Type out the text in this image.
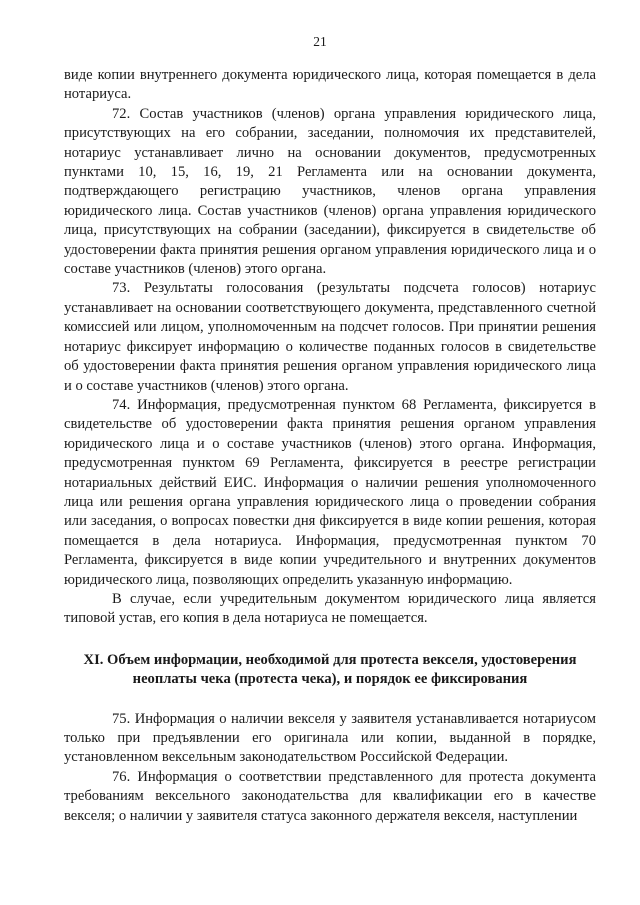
21

виде копии внутреннего документа юридического лица, которая помещается в дела нотариуса.

72. Состав участников (членов) органа управления юридического лица, присутствующих на его собрании, заседании, полномочия их представителей, нотариус устанавливает лично на основании документов, предусмотренных пунктами 10, 15, 16, 19, 21 Регламента или на основании документа, подтверждающего регистрацию участников, членов органа управления юридического лица. Состав участников (членов) органа управления юридического лица, присутствующих на собрании (заседании), фиксируется в свидетельстве об удостоверении факта принятия решения органом управления юридического лица и о составе участников (членов) этого органа.

73. Результаты голосования (результаты подсчета голосов) нотариус устанавливает на основании соответствующего документа, представленного счетной комиссией или лицом, уполномоченным на подсчет голосов. При принятии решения нотариус фиксирует информацию о количестве поданных голосов в свидетельстве об удостоверении факта принятия решения органом управления юридического лица и о составе участников (членов) этого органа.

74. Информация, предусмотренная пунктом 68 Регламента, фиксируется в свидетельстве об удостоверении факта принятия решения органом управления юридического лица и о составе участников (членов) этого органа. Информация, предусмотренная пунктом 69 Регламента, фиксируется в реестре регистрации нотариальных действий ЕИС. Информация о наличии решения уполномоченного лица или решения органа управления юридического лица о проведении собрания или заседания, о вопросах повестки дня фиксируется в виде копии решения, которая помещается в дела нотариуса. Информация, предусмотренная пунктом 70 Регламента, фиксируется в виде копии учредительного и внутренних документов юридического лица, позволяющих определить указанную информацию.

В случае, если учредительным документом юридического лица является типовой устав, его копия в дела нотариуса не помещается.

XI. Объем информации, необходимой для протеста векселя, удостоверения
неоплаты чека (протеста чека), и порядок ее фиксирования

75. Информация о наличии векселя у заявителя устанавливается нотариусом только при предъявлении его оригинала или копии, выданной в порядке, установленном вексельным законодательством Российской Федерации.

76. Информация о соответствии представленного для протеста документа требованиям вексельного законодательства для квалификации его в качестве векселя; о наличии у заявителя статуса законного держателя векселя, наступлении
